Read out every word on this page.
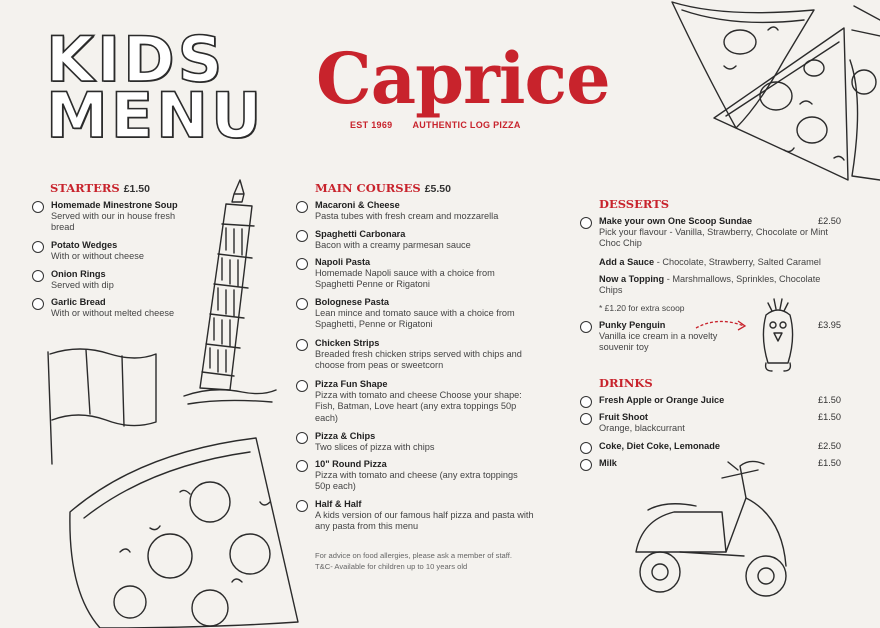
KIDS
MENU Caprice
EST 1969 AUTHENTIC LOG PIZZA
STARTERS £1.50
Homemade Minestrone Soup
Served with our in house fresh bread
Potato Wedges
With or without cheese
Onion Rings
Served with dip
Garlic Bread
With or without melted cheese
MAIN COURSES £5.50
Macaroni & Cheese
Pasta tubes with fresh cream and mozzarella
Spaghetti Carbonara
Bacon with a creamy parmesan sauce
Napoli Pasta
Homemade Napoli sauce with a choice from Spaghetti Penne or Rigatoni
Bolognese Pasta
Lean mince and tomato sauce with a choice from Spaghetti, Penne or Rigatoni
Chicken Strips
Breaded fresh chicken strips served with chips and choose from peas or sweetcorn
Pizza Fun Shape
Pizza with tomato and cheese Choose your shape: Fish, Batman, Love heart (any extra toppings 50p each)
Pizza & Chips
Two slices of pizza with chips
10" Round Pizza
Pizza with tomato and cheese (any extra toppings 50p each)
Half & Half
A kids version of our famous half pizza and pasta with any pasta from this menu
For advice on food allergies, please ask a member of staff.
T&C- Available for children up to 10 years old
DESSERTS
Make your own One Scoop Sundae	£2.50
Pick your flavour - Vanilla, Strawberry, Chocolate or Mint Choc Chip
Add a Sauce - Chocolate, Strawberry, Salted Caramel
Now a Topping - Marshmallows, Sprinkles, Chocolate Chips
* £1.20 for extra scoop
Punky Penguin	£3.95
Vanilla ice cream in a novelty souvenir toy
DRINKS
Fresh Apple or Orange Juice	£1.50
Fruit Shoot	£1.50
Orange, blackcurrant
Coke, Diet Coke, Lemonade	£2.50
Milk	£1.50
